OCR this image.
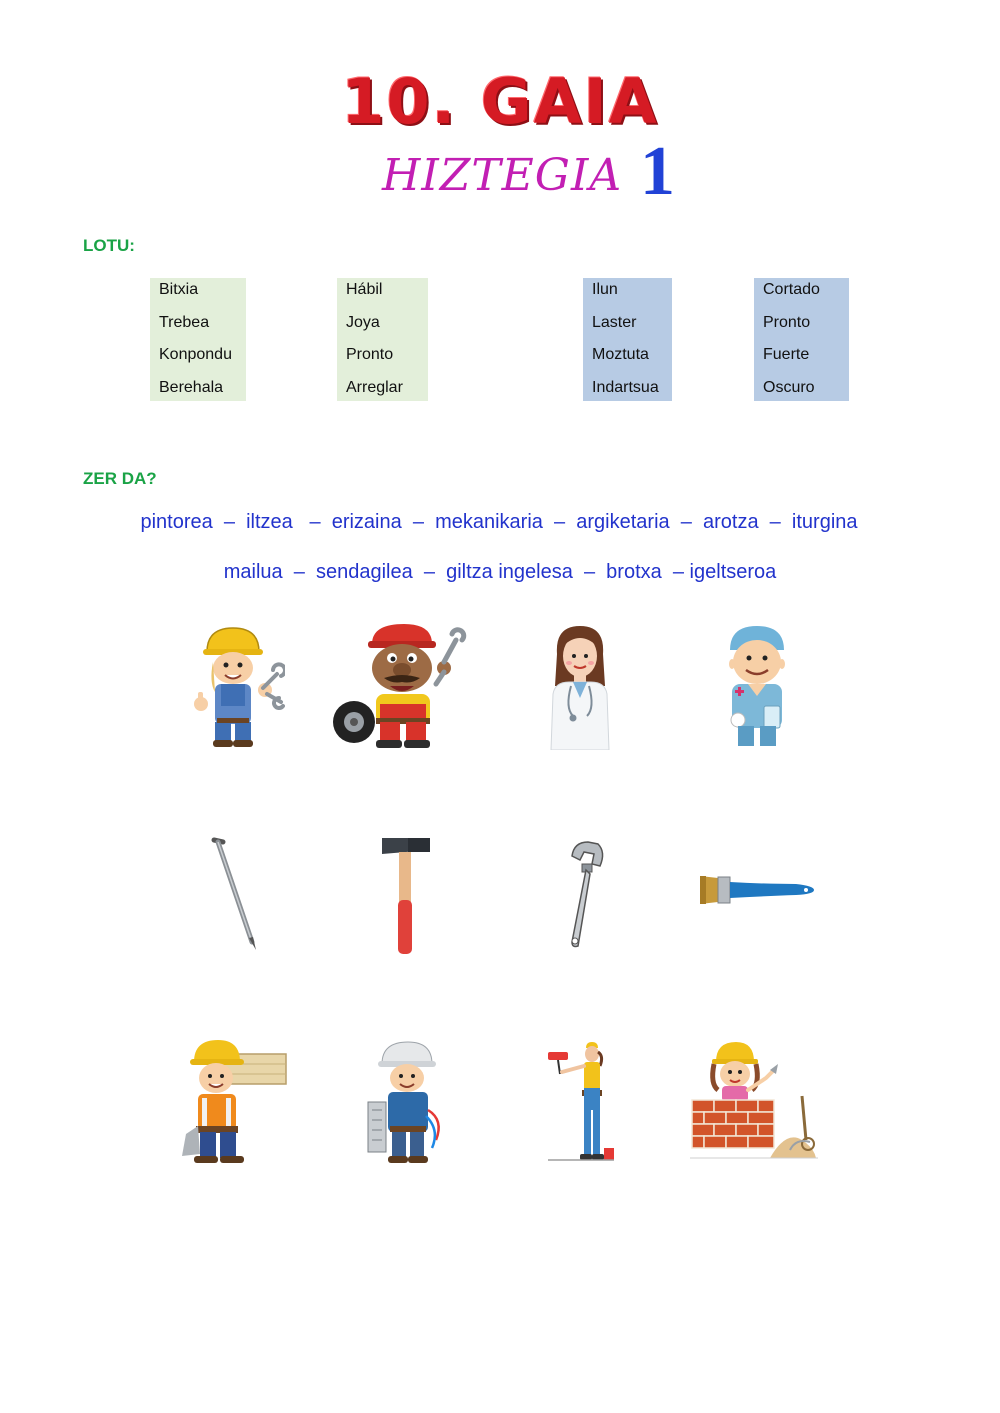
10. GAIA
HIZTEGIA 1
LOTU:
Bitxia
Trebea
Konpondu
Berehala
Hábil
Joya
Pronto
Arreglar
Ilun
Laster
Moztuta
Indartsua
Cortado
Pronto
Fuerte
Oscuro
ZER DA?
pintorea  –  iltzea   –  erizaina  –  mekanikaria  –  argiketaria  –  arotza  –  iturgina
mailua  –  sendagilea  –  giltza ingelesa  –  brotxa  – igeltseroa
